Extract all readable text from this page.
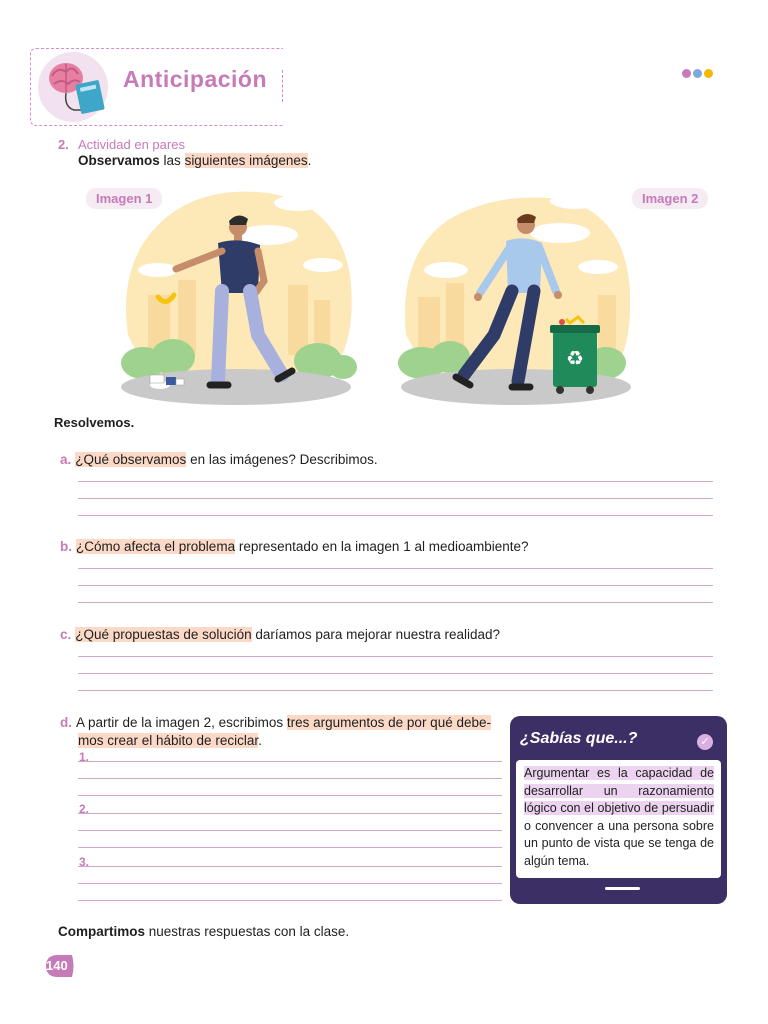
Anticipación
2. Actividad en pares
Observamos las siguientes imágenes.
Imagen 1	Imagen 2
♻
Resolvemos.
a. ¿Qué observamos en las imágenes? Describimos.
b. ¿Cómo afecta el problema representado en la imagen 1 al medioambiente?
c. ¿Qué propuestas de solución daríamos para mejorar nuestra realidad?
d. A partir de la imagen 2, escribimos tres argumentos de por qué debe-
mos crear el hábito de reciclar.
1.
2.
3.
¿Sabías que...?	✓
Argumentar es la capacidad de desarrollar un razonamiento lógico con el objetivo de persuadir o convencer a una persona sobre un punto de vista que se tenga de algún tema.
Compartimos nuestras respuestas con la clase.
140
